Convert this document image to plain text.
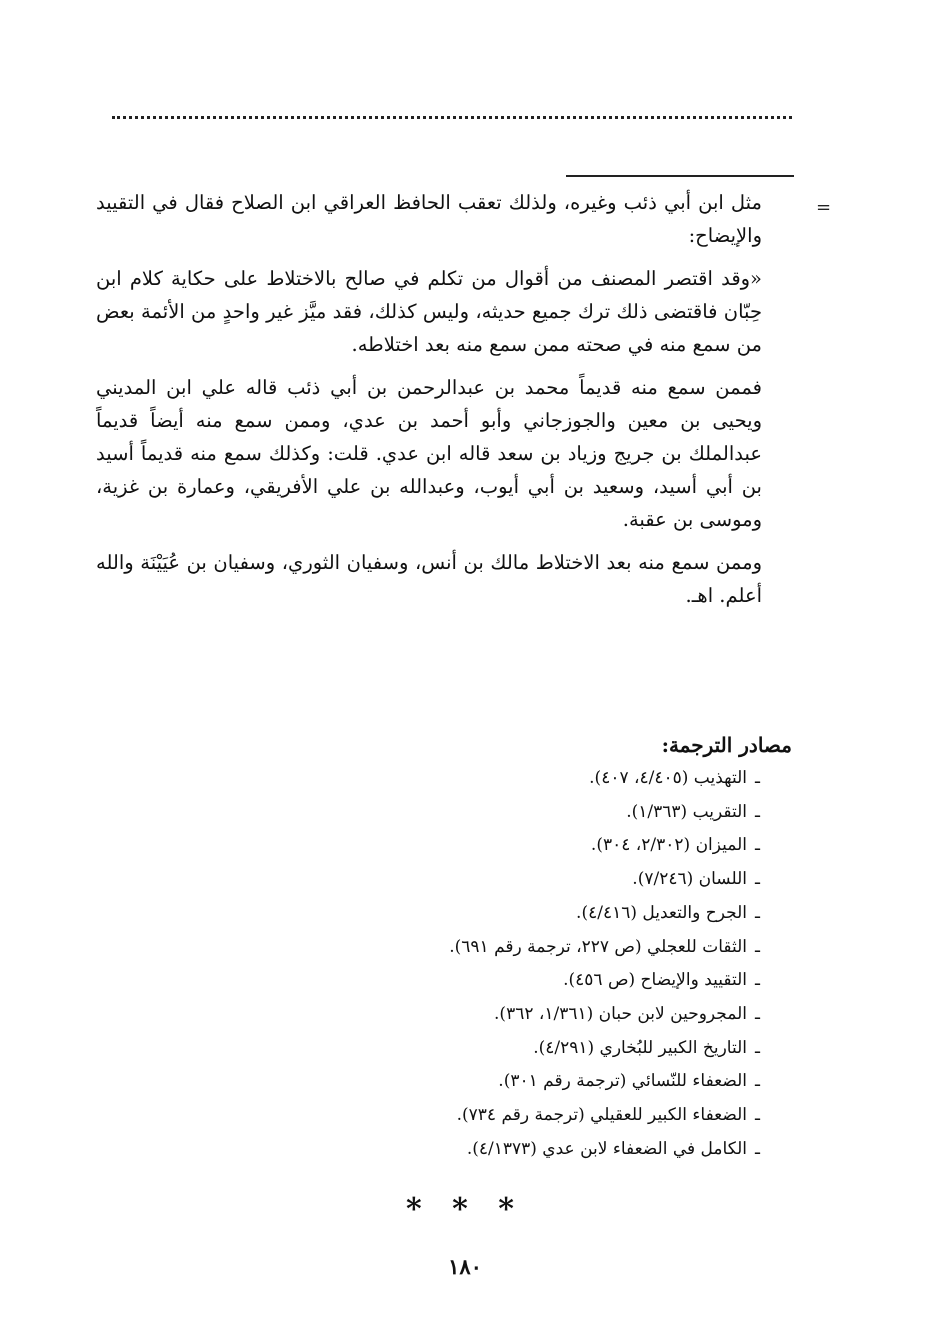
=

مثل ابن أبي ذئب وغيره، ولذلك تعقب الحافظ العراقي ابن الصلاح فقال في التقييد والإيضاح:

«وقد اقتصر المصنف من أقوال من تكلم في صالح بالاختلاط على حكاية كلام ابن حِبّان فاقتضى ذلك ترك جميع حديثه، وليس كذلك، فقد ميَّز غير واحدٍ من الأئمة بعض من سمع منه في صحته ممن سمع منه بعد اختلاطه.

فممن سمع منه قديماً محمد بن عبدالرحمن بن أبي ذئب قاله علي ابن المديني ويحيى بن معين والجوزجاني وأبو أحمد بن عدي، وممن سمع منه أيضاً قديماً عبدالملك بن جريج وزياد بن سعد قاله ابن عدي. قلت: وكذلك سمع منه قديماً أسيد بن أبي أسيد، وسعيد بن أبي أيوب، وعبدالله بن علي الأفريقي، وعمارة بن غزية، وموسى بن عقبة.

وممن سمع منه بعد الاختلاط مالك بن أنس، وسفيان الثوري، وسفيان بن عُيَيْنَة والله أعلم. اهـ.

مصادر الترجمة:
ـالتهذيب (٤/٤٠٥، ٤٠٧).
ـالتقريب (١/٣٦٣).
ـالميزان (٢/٣٠٢، ٣٠٤).
ـاللسان (٧/٢٤٦).
ـالجرح والتعديل (٤/٤١٦).
ـالثقات للعجلي (ص ٢٢٧، ترجمة رقم ٦٩١).
ـالتقييد والإيضاح (ص ٤٥٦).
ـالمجروحين لابن حبان (١/٣٦١، ٣٦٢).
ـالتاريخ الكبير للبُخاري (٤/٢٩١).
ـالضعفاء للنّسائي (ترجمة رقم ٣٠١).
ـالضعفاء الكبير للعقيلي (ترجمة رقم ٧٣٤).
ـالكامل في الضعفاء لابن عدي (٤/١٣٧٣).
* * *
١٨٠
